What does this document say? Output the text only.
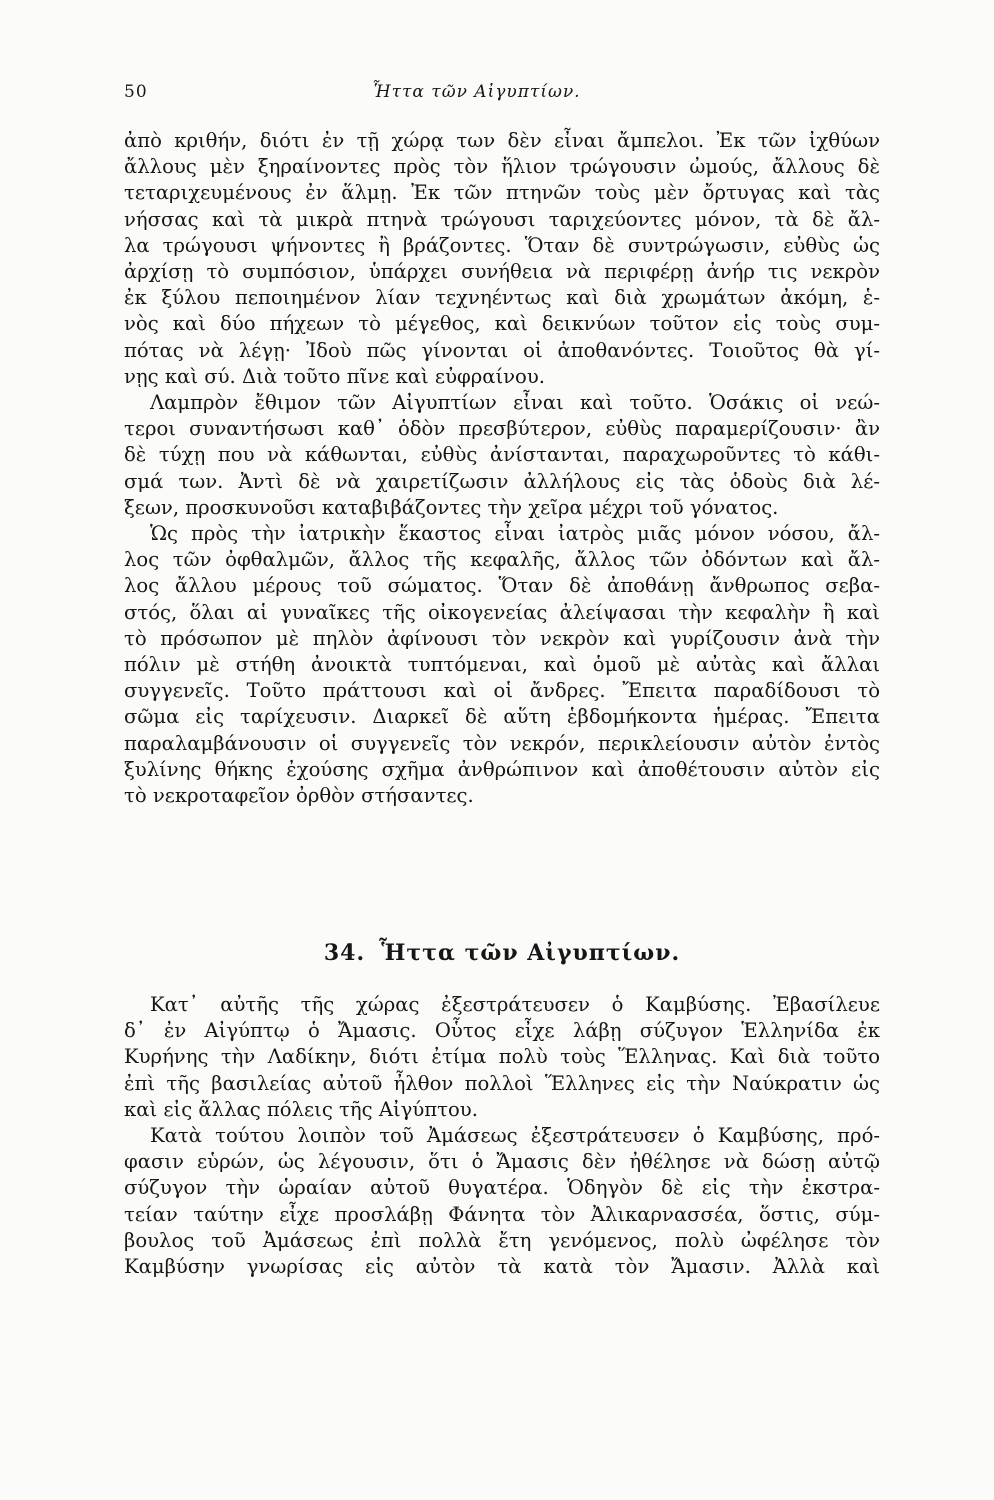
50	Ἧττα τῶν Αἰγυπτίων.
ἀπὸ κριθήν, διότι ἐν τῇ χώρᾳ των δὲν εἶναι ἄμπελοι. Ἐκ τῶν ἰχθύων
ἄλλους μὲν ξηραίνοντες πρὸς τὸν ἥλιον τρώγουσιν ὠμούς, ἄλλους δὲ
τεταριχευμένους ἐν ἅλμῃ. Ἐκ τῶν πτηνῶν τοὺς μὲν ὄρτυγας καὶ τὰς
νήσσας καὶ τὰ μικρὰ πτηνὰ τρώγουσι ταριχεύοντες μόνον, τὰ δὲ ἄλ-
λα τρώγουσι ψήνοντες ἢ βράζοντες. Ὅταν δὲ συντρώγωσιν, εὐθὺς ὡς
ἀρχίσῃ τὸ συμπόσιον, ὑπάρχει συνήθεια νὰ περιφέρῃ ἀνήρ τις νεκρὸν
ἐκ ξύλου πεποιημένον λίαν τεχνηέντως καὶ διὰ χρωμάτων ἀκόμη, ἑ-
νὸς καὶ δύο πήχεων τὸ μέγεθος, καὶ δεικνύων τοῦτον εἰς τοὺς συμ-
πότας νὰ λέγῃ· Ἰδοὺ πῶς γίνονται οἱ ἀποθανόντες. Τοιοῦτος θὰ γί-
νῃς καὶ σύ. Διὰ τοῦτο πῖνε καὶ εὐφραίνου.
Λαμπρὸν ἔθιμον τῶν Αἰγυπτίων εἶναι καὶ τοῦτο. Ὁσάκις οἱ νεώ-
τεροι συναντήσωσι καθ᾽ ὁδὸν πρεσβύτερον, εὐθὺς παραμερίζουσιν· ἂν
δὲ τύχῃ που νὰ κάθωνται, εὐθὺς ἀνίστανται, παραχωροῦντες τὸ κάθι-
σμά των. Ἀντὶ δὲ νὰ χαιρετίζωσιν ἀλλήλους εἰς τὰς ὁδοὺς διὰ λέ-
ξεων, προσκυνοῦσι καταβιβάζοντες τὴν χεῖρα μέχρι τοῦ γόνατος.
Ὡς πρὸς τὴν ἰατρικὴν ἕκαστος εἶναι ἰατρὸς μιᾶς μόνον νόσου, ἄλ-
λος τῶν ὀφθαλμῶν, ἄλλος τῆς κεφαλῆς, ἄλλος τῶν ὀδόντων καὶ ἄλ-
λος ἄλλου μέρους τοῦ σώματος. Ὅταν δὲ ἀποθάνῃ ἄνθρωπος σεβα-
στός, ὅλαι αἱ γυναῖκες τῆς οἰκογενείας ἀλείψασαι τὴν κεφαλὴν ἢ καὶ
τὸ πρόσωπον μὲ πηλὸν ἀφίνουσι τὸν νεκρὸν καὶ γυρίζουσιν ἀνὰ τὴν
πόλιν μὲ στήθη ἀνοικτὰ τυπτόμεναι, καὶ ὁμοῦ μὲ αὐτὰς καὶ ἄλλαι
συγγενεῖς. Τοῦτο πράττουσι καὶ οἱ ἄνδρες. Ἔπειτα παραδίδουσι τὸ
σῶμα εἰς ταρίχευσιν. Διαρκεῖ δὲ αὕτη ἑβδομήκοντα ἡμέρας. Ἔπειτα
παραλαμβάνουσιν οἱ συγγενεῖς τὸν νεκρόν, περικλείουσιν αὐτὸν ἐντὸς
ξυλίνης θήκης ἐχούσης σχῆμα ἀνθρώπινον καὶ ἀποθέτουσιν αὐτὸν εἰς
τὸ νεκροταφεῖον ὀρθὸν στήσαντες.
34. Ἧττα τῶν Αἰγυπτίων.
Κατ᾽ αὐτῆς τῆς χώρας ἐξεστράτευσεν ὁ Καμβύσης. Ἐβασίλευε
δ᾽ ἐν Αἰγύπτῳ ὁ Ἄμασις. Οὗτος εἶχε λάβῃ σύζυγον Ἑλληνίδα ἐκ
Κυρήνης τὴν Λαδίκην, διότι ἐτίμα πολὺ τοὺς Ἕλληνας. Καὶ διὰ τοῦτο
ἐπὶ τῆς βασιλείας αὐτοῦ ἦλθον πολλοὶ Ἕλληνες εἰς τὴν Ναύκρατιν ὡς
καὶ εἰς ἄλλας πόλεις τῆς Αἰγύπτου.
Κατὰ τούτου λοιπὸν τοῦ Ἀμάσεως ἐξεστράτευσεν ὁ Καμβύσης, πρό-
φασιν εὑρών, ὡς λέγουσιν, ὅτι ὁ Ἄμασις δὲν ἠθέλησε νὰ δώσῃ αὐτῷ
σύζυγον τὴν ὡραίαν αὐτοῦ θυγατέρα. Ὁδηγὸν δὲ εἰς τὴν ἐκστρα-
τείαν ταύτην εἶχε προσλάβῃ Φάνητα τὸν Ἀλικαρνασσέα, ὅστις, σύμ-
βουλος τοῦ Ἀμάσεως ἐπὶ πολλὰ ἔτη γενόμενος, πολὺ ὠφέλησε τὸν
Καμβύσην γνωρίσας εἰς αὐτὸν τὰ κατὰ τὸν Ἄμασιν. Ἀλλὰ καὶ
